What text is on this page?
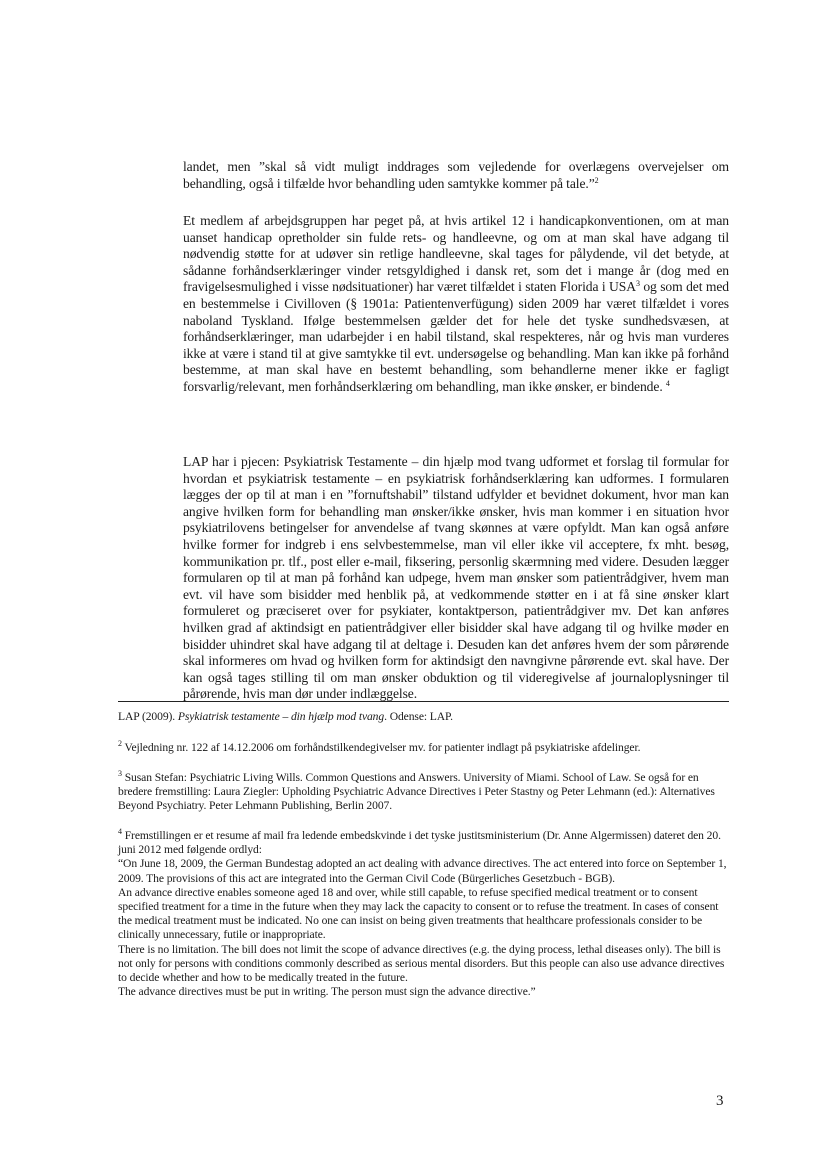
landet, men ”skal så vidt muligt inddrages som vejledende for overlægens overvejelser om behandling, også i tilfælde hvor behandling uden samtykke kommer på tale.”$^2$

Et medlem af arbejdsgruppen har peget på, at hvis artikel 12 i handicapkonventionen, om at man uanset handicap opretholder sin fulde rets- og handleevne, og om at man skal have adgang til nødvendig støtte for at udøver sin retlige handleevne, skal tages for pålydende, vil det betyde, at sådanne forhåndserklæringer vinder retsgyldighed i dansk ret, som det i mange år (dog med en fravigelsesmulighed i visse nødsituationer) har været tilfældet i staten Florida i USA$^3$ og som det med en bestemmelse i Civilloven (§ 1901a: Patientenverfügung) siden 2009 har været tilfældet i vores naboland Tyskland. Ifølge bestemmelsen gælder det for hele det tyske sundhedsvæsen, at forhåndserklæringer, man udarbejder i en habil tilstand, skal respekteres, når og hvis man vurderes ikke at være i stand til at give samtykke til evt. undersøgelse og behandling. Man kan ikke på forhånd bestemme, at man skal have en bestemt behandling, som behandlerne mener ikke er fagligt forsvarlig/relevant, men forhåndserklæring om behandling, man ikke ønsker, er bindende. $^4$

LAP har i pjecen: Psykiatrisk Testamente – din hjælp mod tvang udformet et forslag til formular for hvordan et psykiatrisk testamente – en psykiatrisk forhåndserklæring kan udformes. I formularen lægges der op til at man i en ”fornuftshabil” tilstand udfylder et bevidnet dokument, hvor man kan angive hvilken form for behandling man ønsker/ikke ønsker, hvis man kommer i en situation hvor psykiatrilovens betingelser for anvendelse af tvang skønnes at være opfyldt. Man kan også anføre hvilke former for indgreb i ens selvbestemmelse, man vil eller ikke vil acceptere, fx mht. besøg, kommunikation pr. tlf., post eller e-mail, fiksering, personlig skærmning med videre. Desuden lægger formularen op til at man på forhånd kan udpege, hvem man ønsker som patientrådgiver, hvem man evt. vil have som bisidder med henblik på, at vedkommende støtter en i at få sine ønsker klart formuleret og præciseret over for psykiater, kontaktperson, patientrådgiver mv. Det kan anføres hvilken grad af aktindsigt en patientrådgiver eller bisidder skal have adgang til og hvilke møder en bisidder uhindret skal have adgang til at deltage i. Desuden kan det anføres hvem der som pårørende skal informeres om hvad og hvilken form for aktindsigt den navngivne pårørende evt. skal have. Der kan også tages stilling til om man ønsker obduktion og til videregivelse af journaloplysninger til pårørende, hvis man dør under indlæggelse.

LAP (2009). Psykiatrisk testamente – din hjælp mod tvang. Odense: LAP.

$^2$ Vejledning nr. 122 af 14.12.2006 om forhåndstilkendegivelser mv. for patienter indlagt på psykiatriske afdelinger.

$^3$ Susan Stefan: Psychiatric Living Wills. Common Questions and Answers. University of Miami. School of Law. Se også for en bredere fremstilling: Laura Ziegler: Upholding Psychiatric Advance Directives i Peter Stastny og Peter Lehmann (ed.): Alternatives Beyond Psychiatry. Peter Lehmann Publishing, Berlin 2007.

$^4$ Fremstillingen er et resume af mail fra ledende embedskvinde i det tyske justitsministerium (Dr. Anne Algermissen) dateret den 20. juni 2012 med følgende ordlyd:

“On June 18, 2009, the German Bundestag adopted an act dealing with advance directives. The act entered into force on September 1, 2009. The provisions of this act are integrated into the German Civil Code (Bürgerliches Gesetzbuch - BGB).

An advance directive enables someone aged 18 and over, while still capable, to refuse specified medical treatment or to consent specified treatment for a time in the future when they may lack the capacity to consent or to refuse the treatment. In cases of consent the medical treatment must be indicated. No one can insist on being given treatments that healthcare professionals consider to be clinically unnecessary, futile or inappropriate.

There is no limitation. The bill does not limit the scope of advance directives (e.g. the dying process, lethal diseases only). The bill is not only for persons with conditions commonly described as serious mental disorders. But this people can also use advance directives to decide whether and how to be medically treated in the future.

The advance directives must be put in writing. The person must sign the advance directive.”

3
